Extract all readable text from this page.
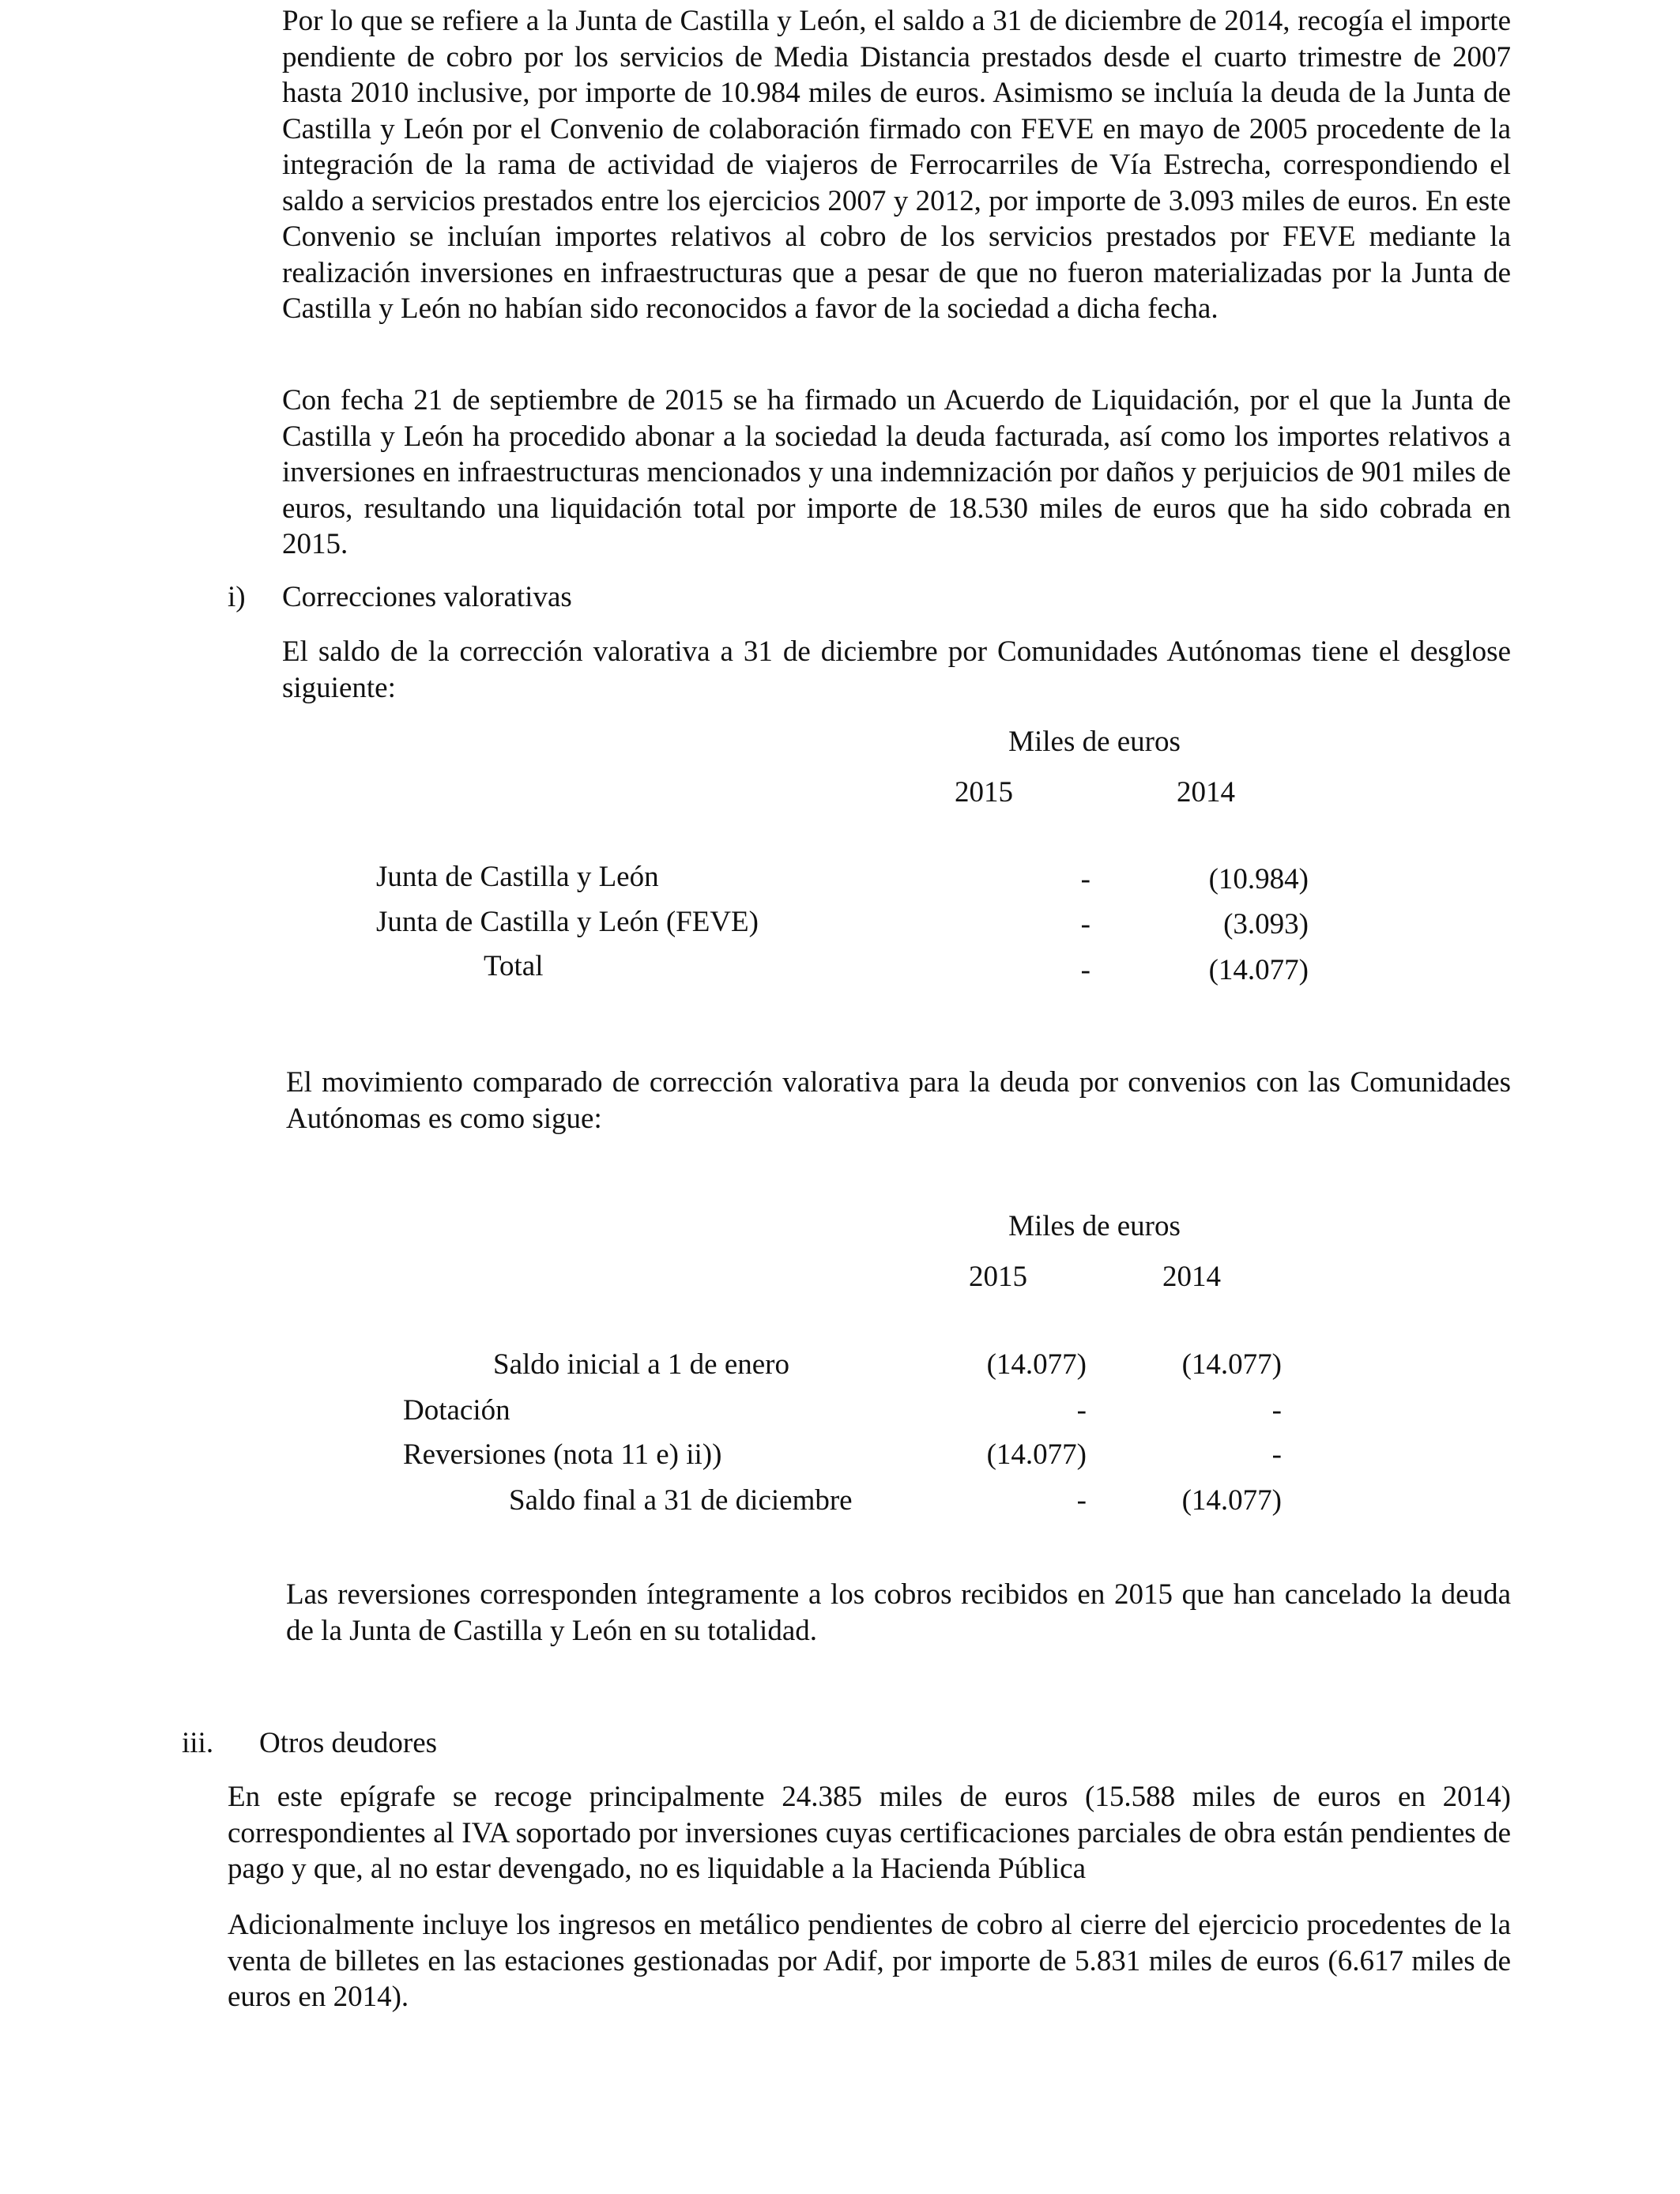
Por lo que se refiere a la Junta de Castilla y León, el saldo a 31 de diciembre de 2014, recogía el importe pendiente de cobro por los servicios de Media Distancia prestados desde el cuarto trimestre de 2007 hasta 2010 inclusive, por importe de 10.984 miles de euros. Asimismo se incluía la deuda de la Junta de Castilla y León por el Convenio de colaboración firmado con FEVE en mayo de 2005 procedente de la integración de la rama de actividad de viajeros de Ferrocarriles de Vía Estrecha, correspondiendo el saldo a servicios prestados entre los ejercicios 2007 y 2012, por importe de 3.093 miles de euros. En este Convenio se incluían importes relativos al cobro de los servicios prestados por FEVE mediante la realización inversiones en infraestructuras que a pesar de que no fueron materializadas por la Junta de Castilla y León no habían sido reconocidos a favor de la sociedad a dicha fecha.

Con fecha 21 de septiembre de 2015 se ha firmado un Acuerdo de Liquidación, por el que la Junta de Castilla y León ha procedido abonar a la sociedad la deuda facturada, así como los importes relativos a inversiones en infraestructuras mencionados y una indemnización por daños y perjuicios de 901 miles de euros, resultando una liquidación total por importe de 18.530 miles de euros que ha sido cobrada en 2015.

i) Correcciones valorativas

El saldo de la corrección valorativa a 31 de diciembre por Comunidades Autónomas tiene el desglose siguiente:

Miles de euros
2015	2014
Junta de Castilla y León	-	(10.984)
Junta de Castilla y León (FEVE)	-	(3.093)
Total	-	(14.077)

El movimiento comparado de corrección valorativa para la deuda por convenios con las Comunidades Autónomas es como sigue:

Miles de euros
2015	2014
Saldo inicial a 1 de enero	(14.077)	(14.077)
Dotación	-	-
Reversiones (nota 11 e) ii))	(14.077)	-
Saldo final a 31 de diciembre	-	(14.077)

Las reversiones corresponden íntegramente a los cobros recibidos en 2015 que han cancelado la deuda de la Junta de Castilla y León en su totalidad.

iii. Otros deudores

En este epígrafe se recoge principalmente 24.385 miles de euros (15.588 miles de euros en 2014) correspondientes al IVA soportado por inversiones cuyas certificaciones parciales de obra están pendientes de pago y que, al no estar devengado, no es liquidable a la Hacienda Pública

Adicionalmente incluye los ingresos en metálico pendientes de cobro al cierre del ejercicio procedentes de la venta de billetes en las estaciones gestionadas por Adif, por importe de 5.831 miles de euros (6.617 miles de euros en 2014).
